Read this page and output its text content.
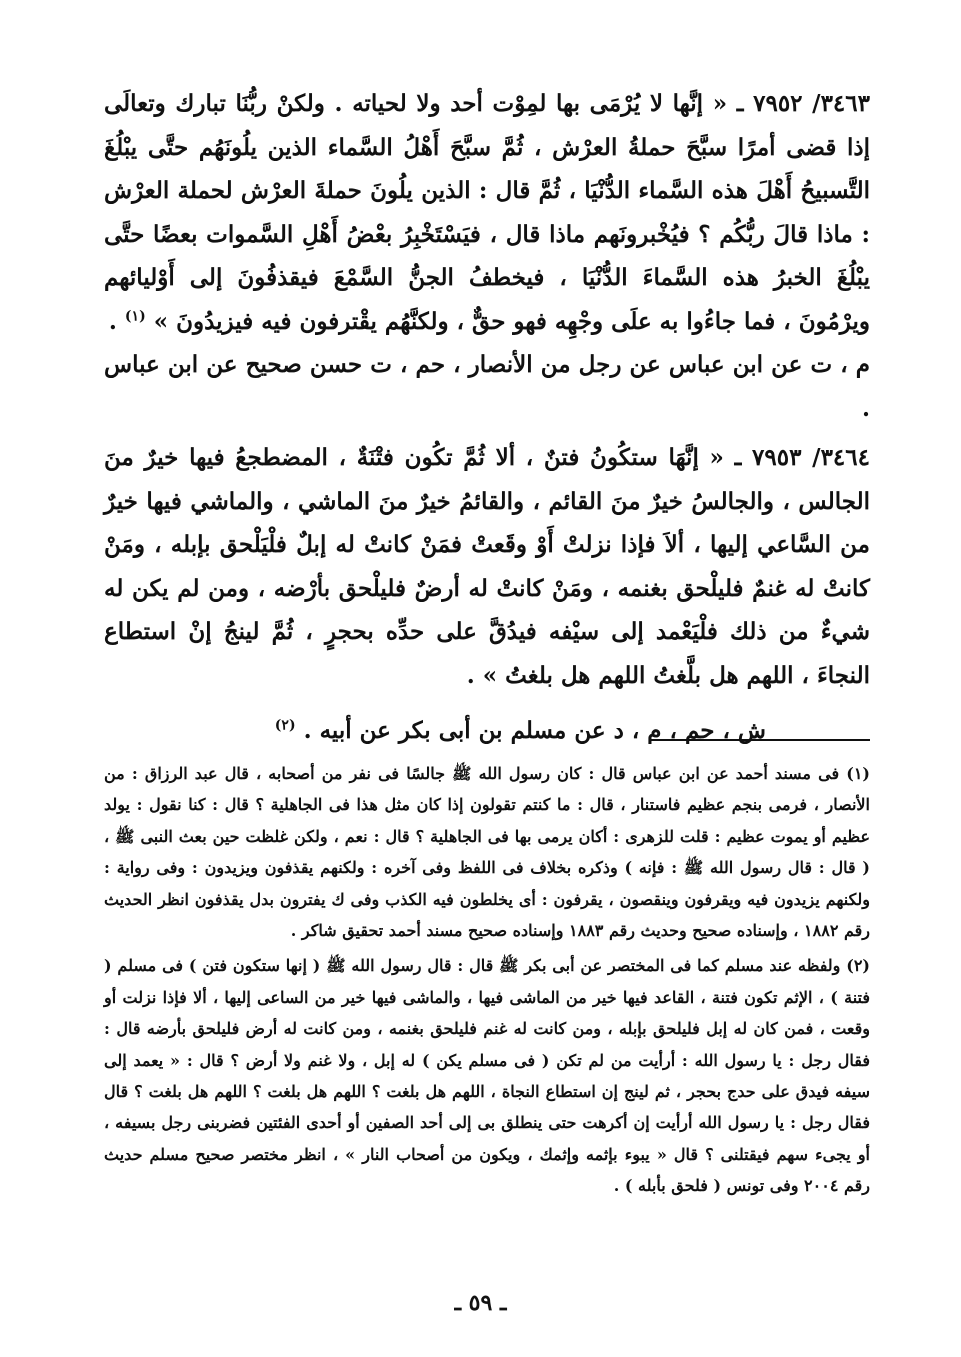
٣٤٦٣/ ٧٩٥٢ ـ « إنَّها لا يُرْمَى بها لمِوْت أحد ولا لحياته . ولكنْ ربُّنَا تبارك وتعالَى إذا قضى أمرًا سبَّحَ حملةُ العرْش ، ثُمَّ سبَّحَ أَهْلُ السَّماء الذين يلُونَهُم حتَّى يبْلُغَ التَّسبيحُ أَهْلَ هذه السَّماء الدُّنْيَا ، ثُمَّ قال : الذين يلُونَ حملةَ العرْش لحملة العرْش : ماذا قالَ ربُّكُم ؟ فيُخْبرونَهم ماذا قال ، فيَسْتَخْبِرُ بعْضُ أَهْلِ السَّموات بعضًا حتَّى يبْلُغَ الخبرُ هذه السَّماءَ الدُّنْيَا ، فيخطفُ الجنُّ السَّمْعَ فيقذفُونَ إلى أَوْليائهم ويرْمُونَ ، فما جاءُوا به علَى وجْهِه فهو حقٌّ ، ولكنَّهُم يقْترفون فيه فيزيدُونَ » $^{(١)}$ .

م ، ت عن ابن عباس عن رجل من الأنصار ، حم ، ت حسن صحيح عن ابن عباس .

٣٤٦٤/ ٧٩٥٣ ـ « إنَّهَا ستكُونُ فتنٌ ، ألا ثُمَّ تكُون فتْنَةٌ ، المضطجعُ فيها خيرٌ منَ الجالس ، والجالسُ خيرٌ منَ القائم ، والقائمُ خيرٌ منَ الماشي ، والماشي فيها خيرٌ من السَّاعي إليها ، ألاَ فإذا نزلتْ أَوْ وقَعتْ فمَنْ كانتْ له إبلٌ فلْيَلْحق بإبله ، ومَنْ كانتْ له غنمٌ فليلْحق بغنمه ، ومَنْ كانتْ له أرضٌ فليلْحق بأرْضه ، ومن لم يكن له شيءٌ من ذلك فلْيَعْمد إلى سيْفه فيدُقَّ على حدِّه بحجرٍ ، ثُمَّ لينجُ إنْ استطاع النجاءَ ، اللهم هل بلَّغتُ اللهم هل بلغتُ » .

ش ، حم ، م ، د عن مسلم بن أبى بكر عن أبيه . $^{(٢)}$

(١) فى مسند أحمد عن ابن عباس قال : كان رسول الله ﷺ جالسًا فى نفر من أصحابه ، قال عبد الرزاق : من الأنصار ، فرمى بنجم عظيم فاستنار ، قال : ما كنتم تقولون إذا كان مثل هذا فى الجاهلية ؟ قال : كنا نقول : يولد عظيم أو يموت عظيم : قلت للزهرى : أكان يرمى بها فى الجاهلية ؟ قال : نعم ، ولكن غلظت حين بعث النبى ﷺ ، ( قال : قال رسول الله ﷺ : فإنه ) وذكره بخلاف فى اللفظ وفى آخره : ولكنهم يقذفون ويزيدون : وفى رواية : ولكنهم يزيدون فيه ويقرفون وينقصون ، يقرفون : أى يخلطون فيه الكذب وفى ك يفترون بدل يقذفون انظر الحديث رقم ١٨٨٢ ، وإسناده صحيح وحديث رقم ١٨٨٣ وإسناده صحيح مسند أحمد تحقيق شاكر .

(٢) ولفظه عند مسلم كما فى المختصر عن أبى بكر ﷺ قال : قال رسول الله ﷺ ( إنها ستكون فتن ) فى مسلم ( فتنة ) ، الإثم تكون فتنة ، القاعد فيها خير من الماشى فيها ، والماشى فيها خير من الساعى إليها ، ألا فإذا نزلت أو وقعت ، فمن كان له إبل فليلحق بإبله ، ومن كانت له غنم فليلحق بغنمه ، ومن كانت له أرض فليلحق بأرضه قال : فقال رجل : يا رسول الله : أرأيت من لم تكن ( فى مسلم يكن ) له إبل ، ولا غنم ولا أرض ؟ قال : « يعمد إلى سيفه فيدق على حدج بحجر ، ثم لينج إن استطاع النجاة ، اللهم هل بلغت ؟ اللهم هل بلغت ؟ اللهم هل بلغت ؟ قال فقال رجل : يا رسول الله أرأيت إن أكرهت حتى ينطلق بى إلى أحد الصفين أو أحدى الفئتين فضربنى رجل بسيفه ، أو يجىء سهم فيقتلنى ؟ قال « يبوء بإثمه وإثمك ، ويكون من أصحاب النار » ، انظر مختصر صحيح مسلم حديث رقم ٢٠٠٤ وفى تونس ( فلحق بأبله ) .

ـ ٥٩ ـ
